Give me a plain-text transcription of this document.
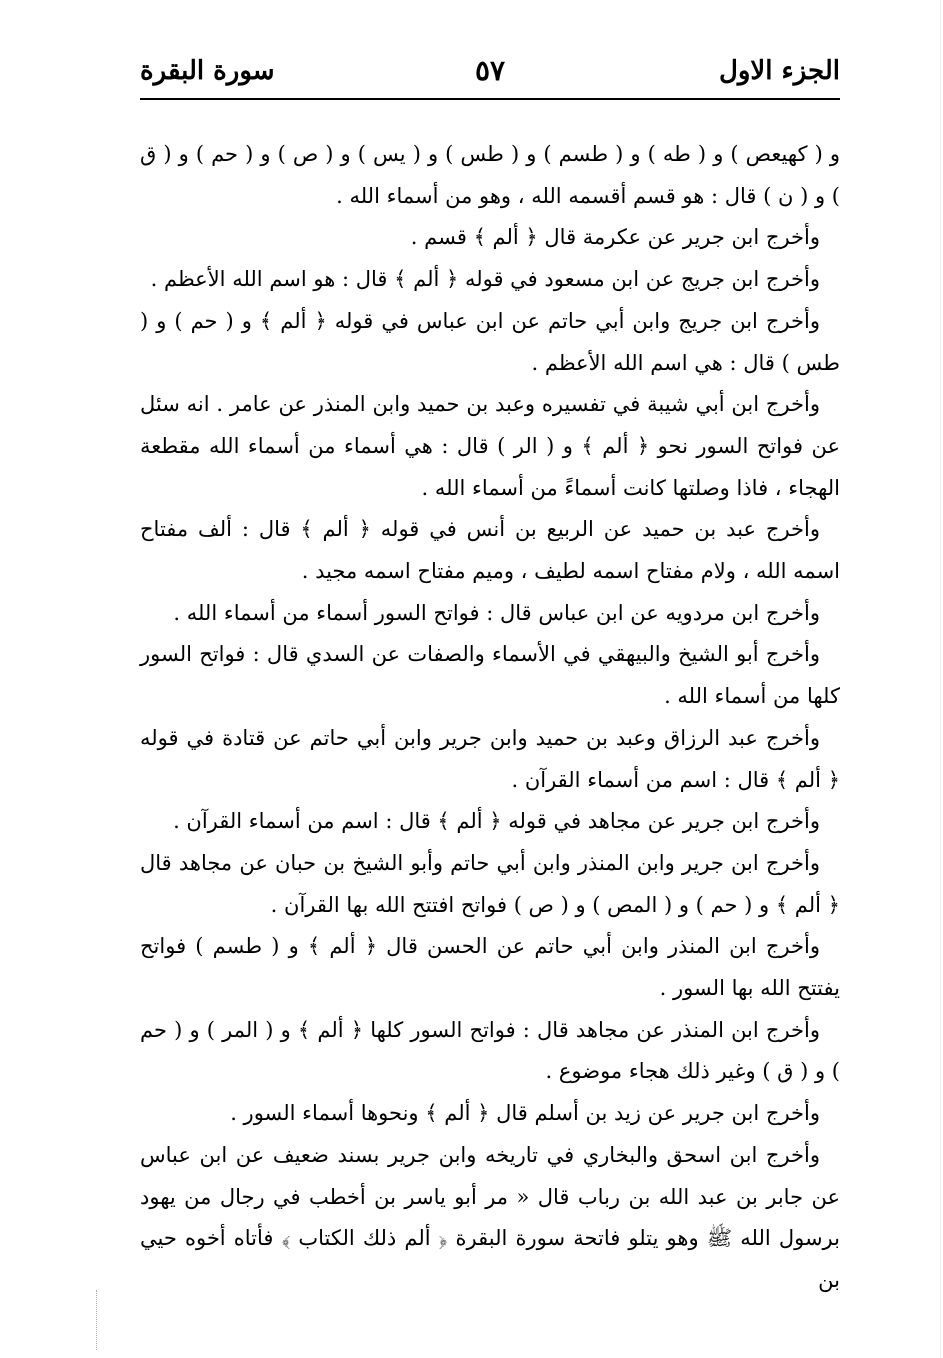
الجزء الاول
٥٧
سورة البقرة

و ( كهيعص ) و ( طه ) و ( طسم ) و ( طس ) و ( يس ) و ( ص ) و ( حم ) و ( ق ) و ( ن ) قال : هو قسم أقسمه الله ، وهو من أسماء الله .

وأخرج ابن جرير عن عكرمة قال ﴿ ألم ﴾ قسم .

وأخرج ابن جريج عن ابن مسعود في قوله ﴿ ألم ﴾ قال : هو اسم الله الأعظم .

وأخرج ابن جريج وابن أبي حاتم عن ابن عباس في قوله ﴿ ألم ﴾ و ( حم ) و ( طس ) قال : هي اسم الله الأعظم .

وأخرج ابن أبي شيبة في تفسيره وعبد بن حميد وابن المنذر عن عامر . انه سئل عن فواتح السور نحو ﴿ ألم ﴾ و ( الر ) قال : هي أسماء من أسماء الله مقطعة الهجاء ، فاذا وصلتها كانت أسماءً من أسماء الله .

وأخرج عبد بن حميد عن الربيع بن أنس في قوله ﴿ ألم ﴾ قال : ألف مفتاح اسمه الله ، ولام مفتاح اسمه لطيف ، وميم مفتاح اسمه مجيد .

وأخرج ابن مردويه عن ابن عباس قال : فواتح السور أسماء من أسماء الله .

وأخرج أبو الشيخ والبيهقي في الأسماء والصفات عن السدي قال : فواتح السور كلها من أسماء الله .

وأخرج عبد الرزاق وعبد بن حميد وابن جرير وابن أبي حاتم عن قتادة في قوله ﴿ ألم ﴾ قال : اسم من أسماء القرآن .

وأخرج ابن جرير عن مجاهد في قوله ﴿ ألم ﴾ قال : اسم من أسماء القرآن .

وأخرج ابن جرير وابن المنذر وابن أبي حاتم وأبو الشيخ بن حبان عن مجاهد قال ﴿ ألم ﴾ و ( حم ) و ( المص ) و ( ص ) فواتح افتتح الله بها القرآن .

وأخرج ابن المنذر وابن أبي حاتم عن الحسن قال ﴿ ألم ﴾ و ( طسم ) فواتح يفتتح الله بها السور .

وأخرج ابن المنذر عن مجاهد قال : فواتح السور كلها ﴿ ألم ﴾ و ( المر ) و ( حم ) و ( ق ) وغير ذلك هجاء موضوع .

وأخرج ابن جرير عن زيد بن أسلم قال ﴿ ألم ﴾ ونحوها أسماء السور .

وأخرج ابن اسحق والبخاري في تاريخه وابن جرير بسند ضعيف عن ابن عباس عن جابر بن عبد الله بن رباب قال « مر أبو ياسر بن أخطب في رجال من يهود برسول الله ﷺ وهو يتلو فاتحة سورة البقرة ﴿ ألم ذلك الكتاب ﴾ فأتاه أخوه حيي بن
